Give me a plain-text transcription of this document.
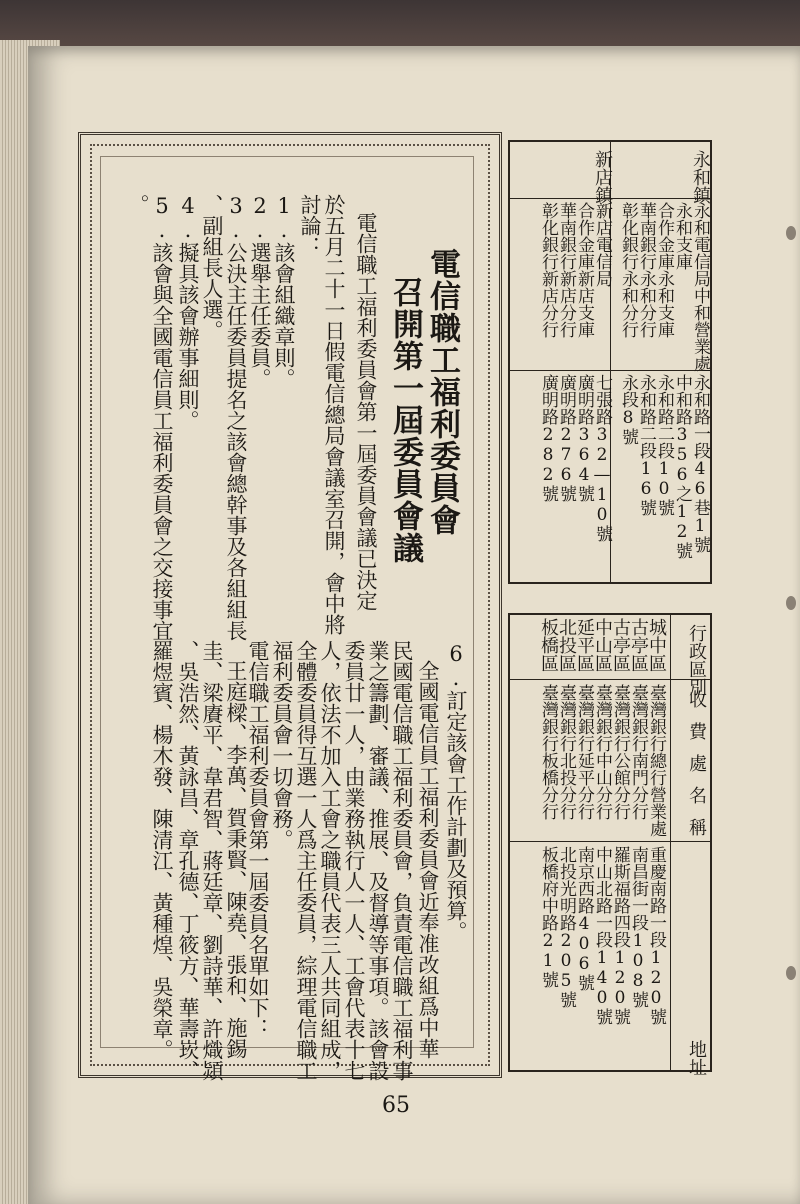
電信職工福利委員會
召開第一屆委員會議
電信職工福利委員會第一屆委員會議已決定
於五月二十一日假電信總局會議室召開，會中將
討論：
1.該會組織章則。
2.選舉主任委員。
3.公決主任委員提名之該會總幹事及各組組長
、副組長人選。
4.擬具該會辦事細則。
5.該會與全國電信員工福利委員會之交接事宜
。
6.訂定該會工作計劃及預算。
全國電信員工福利委員會近奉准改組爲中華
民國電信職工福利委員會，負責電信職工福利事
業之籌劃、審議、推展、及督導等事項。該會設
委員廿一人，由業務執行人一人、工會代表十七
人，依法不加入工會之職員代表三人共同組成，
全體委員得互選一人爲主任委員，綜理電信職工
福利委員會一切會務。
電信職工福利委員會第一屆委員名單如下：
王庭樑、李萬、賀秉賢、陳堯、張和、施錫
圭、梁賡平、韋君智、蔣廷章、劉詩華、許熾熲
、吳浩然、黃詠昌、章孔德、丁筱方、華壽崁、
羅煜賓、楊木發、陳清江、黃種煌、吳榮章。
永和鎮
永和電信局中和營業處
永和支庫
合作金庫永和支庫
華南銀行永和分行
彰化銀行永和分行
永和路一段46巷1號
中和路356之12號
永和路二段10號
永和路二段16號
永段8號
新店鎮
新店電信局
合作金庫新店支庫
華南銀行新店分行
彰化銀行新店分行
七張路32—10號
廣明路364號
廣明路276號
廣明路282號
行政區別
收費處名稱
地址
城中區
古亭區
古亭區
中山區
延平區
北投區
板橋區
臺灣銀行總行營業處
臺灣銀行南門分行
臺灣銀行公館分行
臺灣銀行中山分行
臺灣銀行延平分行
臺灣銀行北投分行
臺灣銀行板橋分行
重慶南路一段120號
南昌街一段108號
羅斯福路四段120號
中山北路一段140號
南京西路406號
北投光明路205號
板橋府中路21號
65
